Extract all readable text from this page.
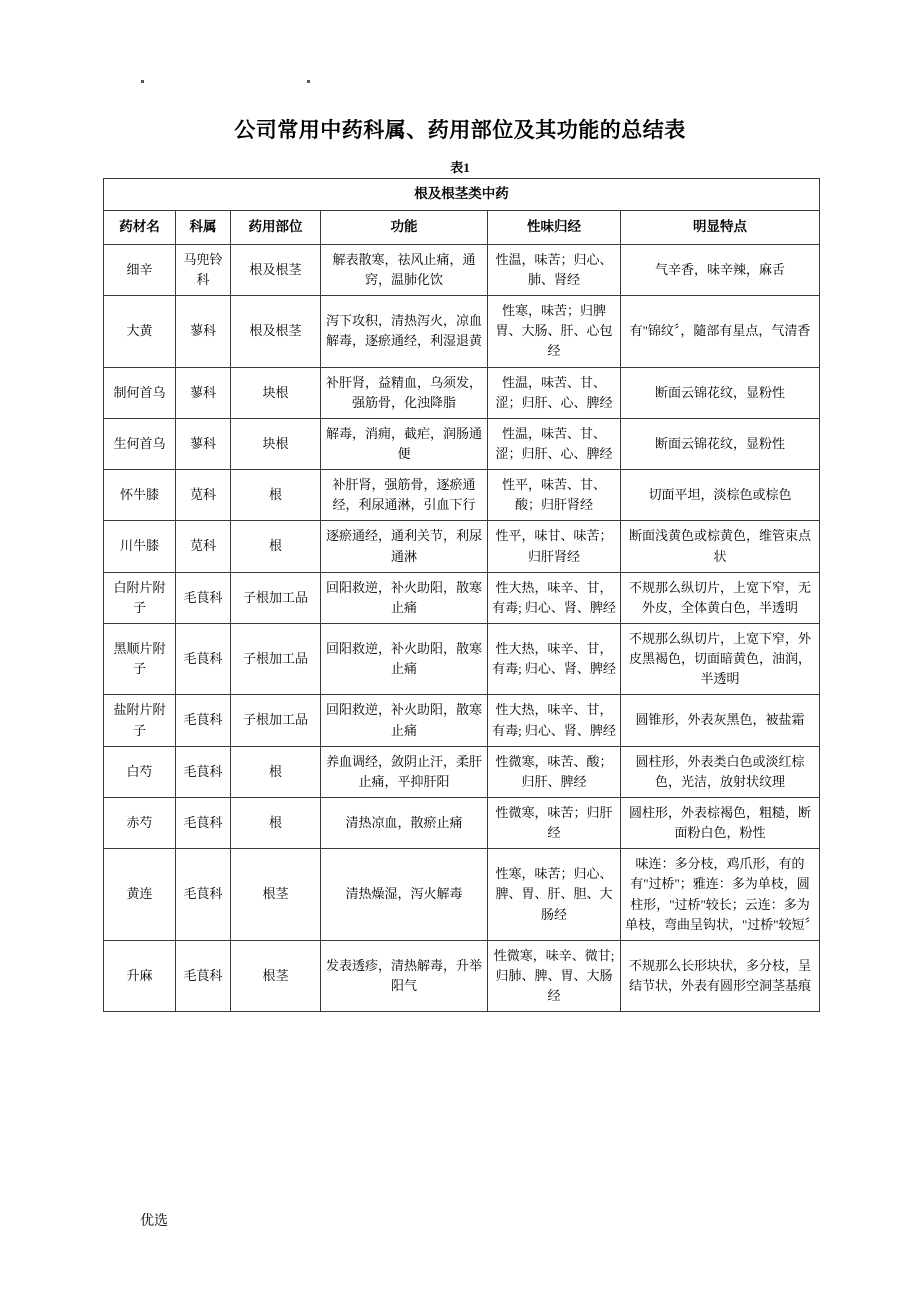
公司常用中药科属、药用部位及其功能的总结表
表1
根及根茎类中药					
药材名	科属	药用部位	功能	性味归经	明显特点
细辛	马兜铃科	根及根茎	解表散寒，祛风止痛，通窍，温肺化饮	性温，味苦；归心、肺、肾经	气辛香，味辛辣，麻舌
大黄	蓼科	根及根茎	泻下攻积，清热泻火，凉血解毒，逐瘀通经，利湿退黄	性寒，味苦；归脾胃、大肠、肝、心包经	有"锦纹〞，隨部有星点，气清香
制何首乌	蓼科	块根	补肝肾，益精血，乌须发，强筋骨，化浊降脂	性温，味苦、甘、涩；归肝、心、脾经	断面云锦花纹，显粉性
生何首乌	蓼科	块根	解毒，消痈，截疟，润肠通便	性温，味苦、甘、涩；归肝、心、脾经	断面云锦花纹，显粉性
怀牛膝	苋科	根	补肝肾，强筋骨，逐瘀通经，利尿通淋，引血下行	性平，味苦、甘、酸；归肝肾经	切面平坦，淡棕色或棕色
川牛膝	苋科	根	逐瘀通经，通利关节，利尿通淋	性平，味甘、味苦；归肝肾经	断面浅黄色或棕黄色，维管束点状
白附片附子	毛茛科	子根加工品	回阳救逆，补火助阳，散寒止痛	性大热，味辛、甘，有毒; 归心、肾、脾经	不规那么纵切片，上宽下窄，无外皮，全体黄白色，半透明
黑顺片附子	毛茛科	子根加工品	回阳救逆，补火助阳，散寒止痛	性大热，味辛、甘，有毒; 归心、肾、脾经	不规那么纵切片，上宽下窄，外皮黑褐色，切面暗黄色，油润，半透明
盐附片附子	毛茛科	子根加工品	回阳救逆，补火助阳，散寒止痛	性大热，味辛、甘，有毒; 归心、肾、脾经	圆锥形，外表灰黑色，被盐霜
白芍	毛茛科	根	养血调经，敛阴止汗，柔肝止痛，平抑肝阳	性微寒，味苦、酸；归肝、脾经	圆柱形，外表类白色或淡红棕色，光洁，放射状纹理
赤芍	毛茛科	根	清热凉血，散瘀止痛	性微寒，味苦；归肝经	圆柱形，外表棕褐色，粗糙，断面粉白色，粉性
黄连	毛茛科	根茎	清热燥湿，泻火解毒	性寒，味苦；归心、脾、胃、肝、胆、大肠经	味连：多分枝，鸡爪形，有的有"过桥"；雅连：多为单枝，圆柱形，"过桥"较长；云连：多为单枝，弯曲呈钩状，"过桥"较短〞
升麻	毛茛科	根茎	发表透疹，清热解毒，升举阳气	性微寒，味辛、微甘; 归肺、脾、胃、大肠经	不规那么长形块状，多分枝，呈结节状，外表有圆形空洞茎基痕
优选
